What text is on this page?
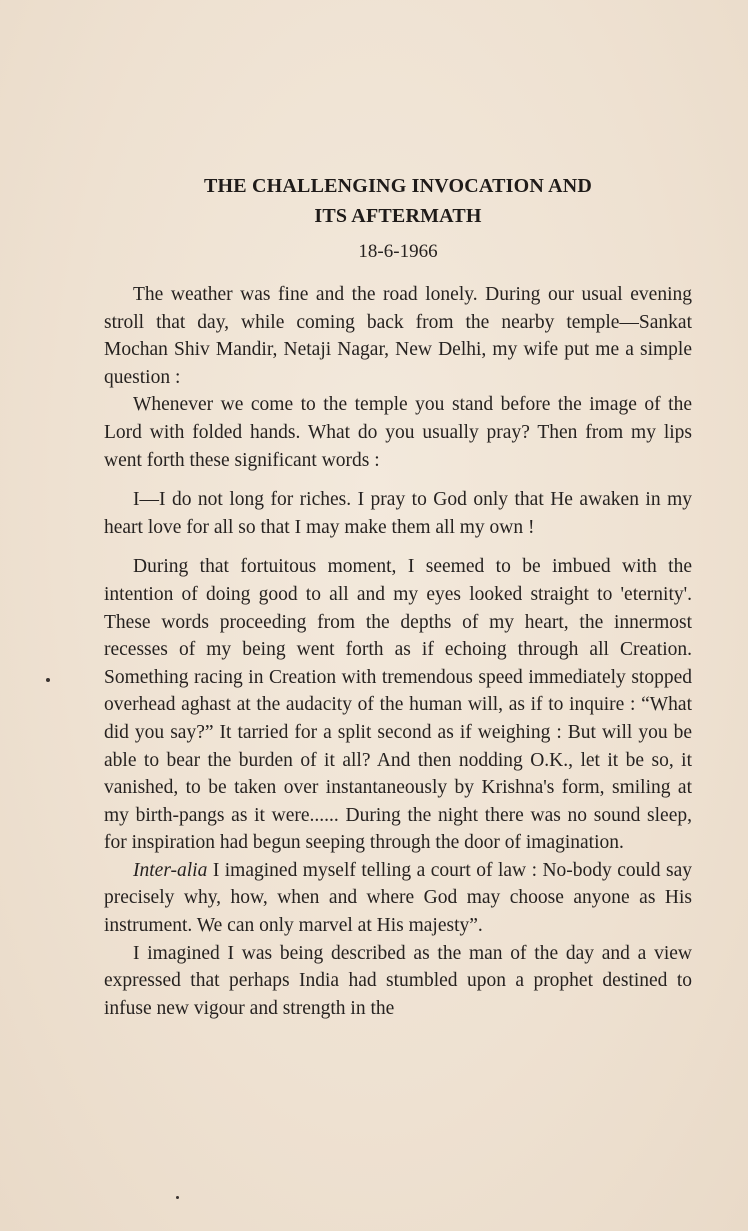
THE CHALLENGING INVOCATION AND
ITS AFTERMATH
18-6-1966

The weather was fine and the road lonely. During our usual evening stroll that day, while coming back from the nearby temple—Sankat Mochan Shiv Mandir, Netaji Nagar, New Delhi, my wife put me a simple question :

Whenever we come to the temple you stand before the image of the Lord with folded hands. What do you usually pray? Then from my lips went forth these significant words :

I—I do not long for riches. I pray to God only that He awaken in my heart love for all so that I may make them all my own !

During that fortuitous moment, I seemed to be imbued with the intention of doing good to all and my eyes looked straight to 'eternity'. These words proceeding from the depths of my heart, the innermost recesses of my being went forth as if echoing through all Creation. Something racing in Creation with tremendous speed immediately stopped overhead aghast at the audacity of the human will, as if to inquire : “What did you say?” It tarried for a split second as if weighing : But will you be able to bear the burden of it all? And then nodding O.K., let it be so, it vanished, to be taken over instantaneously by Krishna's form, smiling at my birth-pangs as it were...... During the night there was no sound sleep, for inspiration had begun seeping through the door of imagination.

Inter-alia I imagined myself telling a court of law : No-body could say precisely why, how, when and where God may choose anyone as His instrument. We can only marvel at His majesty”.

I imagined I was being described as the man of the day and a view expressed that perhaps India had stumbled upon a prophet destined to infuse new vigour and strength in the
